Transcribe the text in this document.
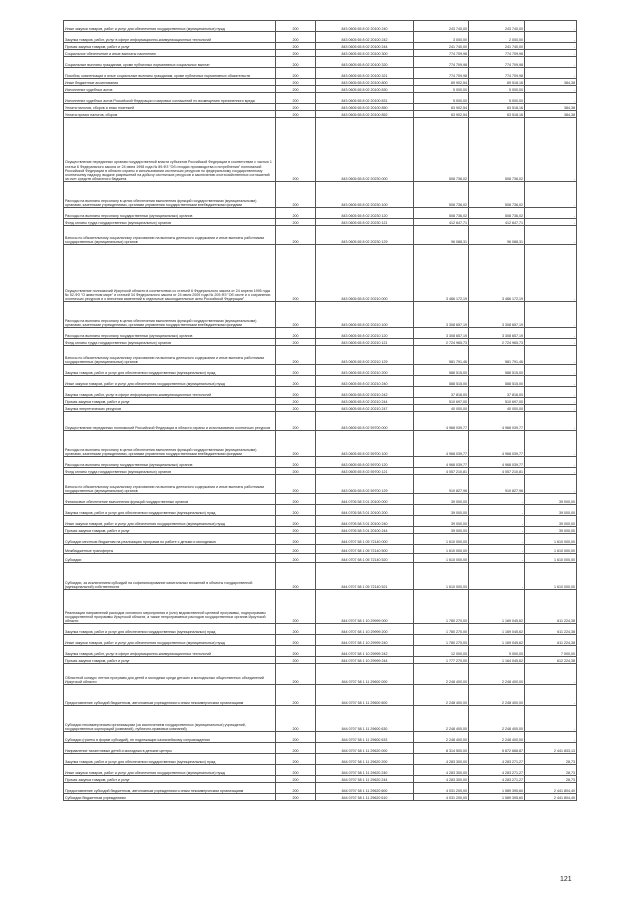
Иные закупки товаров, работ и услуг для обеспечения государственных (муниципальных) нужд	200	843 0605 65 8 02 20100 240	243 740,00	243 740,00	-
Закупка товаров, работ, услуг в сфере информационно-коммуникационных технологий	200	843 0605 65 8 02 20100 242	3 000,00	2 000,00	-
Прочая закупка товаров, работ и услуг	200	843 0605 65 8 02 20100 244	241 740,00	241 740,00	-
Социальное обеспечение и иные выплаты населению	200	843 0605 65 8 02 20100 300	774 709,98	774 709,98	-
Социальные выплаты гражданам, кроме публичных нормативных социальных выплат	200	843 0605 65 8 02 20100 320	774 709,98	774 709,98	-
Пособия, компенсации и иные социальные выплаты гражданам, кроме публичных нормативных обязательств	200	843 0605 65 8 02 20100 321	774 709,98	774 709,98	-
Иные бюджетные ассигнования	200	843 0605 65 8 02 20100 800	69 902,54	69 518,16	384,38
Исполнение судебных актов	200	843 0605 65 8 02 20100 830	5 000,00	5 000,00	-
Исполнение судебных актов Российской Федерации и мировых соглашений по возмещению причиненного вреда	200	843 0605 65 8 02 20100 831	5 000,00	5 000,00	-
Уплата налогов, сборов и иных платежей	200	843 0605 65 8 02 20100 850	63 902,54	63 518,16	384,38
Уплата прочих налогов, сборов	200	843 0605 65 8 02 20100 852	63 902,54	63 518,16	384,38
Осуществление переданных органам государственной власти субъектов Российской Федерации в соответствии с частью 1 статьи 6 Федерального закона от 24 июня 1998 года № 89-ФЗ "Об отходах производства и потребления" полномочий Российской Федерации в области охраны и использования охотничьих ресурсов по федеральному государственному охотничьему надзору, выдаче разрешений на добычу охотничьих ресурсов и заключению охотхозяйственных соглашений за счет средств областного бюджета	200	843 0605 65 8 02 20230 000	508 736,02	508 736,02	-
Расходы на выплаты персоналу в целях обеспечения выполнения функций государственными (муниципальными) органами, казенными учреждениями, органами управления государственными внебюджетными фондами	200	843 0605 65 8 02 20230 100	508 736,02	508 736,02	-
Расходы на выплаты персоналу государственных (муниципальных) органов	200	843 0605 65 8 02 20230 120	508 736,02	508 736,02	-
Фонд оплаты труда государственных (муниципальных) органов	200	843 0605 65 8 02 20230 121	412 647,71	412 647,71	-
Взносы по обязательному социальному страхованию на выплаты денежного содержания и иные выплаты работникам государственных (муниципальных) органов	200	843 0605 65 8 02 20230 129	96 088,31	96 088,31	-
Осуществление полномочий Иркутской области в соответствии со статьей 6 Федерального закона от 24 апреля 1995 года № 52-ФЗ "О животном мире" и статьей 34 Федерального закона от 24 июля 2009 года № 209-ФЗ "Об охоте и о сохранении охотничьих ресурсов и о внесении изменений в отдельные законодательные акты Российской Федерации"	200	843 0605 65 8 02 20210 000	3 466 172,19	3 466 172,19	-
Расходы на выплаты персоналу в целях обеспечения выполнения функций государственными (муниципальными) органами, казенными учреждениями, органами управления государственными внебюджетными фондами	200	843 0605 65 8 02 20210 100	3 308 657,19	3 308 657,19	-
Расходы на выплаты персоналу государственных (муниципальных) органов	200	843 0605 65 8 02 20210 120	3 308 657,19	3 308 657,19	-
Фонд оплаты труда государственных (муниципальных) органов	200	843 0605 65 8 02 20210 121	2 724 965,73	2 724 965,73	-
Взносы по обязательному социальному страхованию на выплаты денежного содержания и иные выплаты работникам государственных (муниципальных) органов	200	843 0605 65 8 02 20210 129	581 791,46	581 791,46	-
Закупка товаров, работ и услуг для обеспечения государственных (муниципальных) нужд	200	843 0605 65 8 02 20210 200	588 515,00	588 515,00	-
Иные закупки товаров, работ и услуг для обеспечения государственных (муниципальных) нужд	200	843 0605 65 8 02 20210 240	588 515,00	588 515,00	-
Закупка товаров, работ, услуг в сфере информационно-коммуникационных технологий	200	843 0605 65 8 02 20210 242	37 816,00	37 816,00	-
Прочая закупка товаров, работ и услуг	200	843 0605 65 8 02 20210 244	510 697,00	510 697,00	-
Закупка энергетических ресурсов	200	843 0605 65 8 02 20210 247	40 000,00	40 000,00	-
Осуществление переданных полномочий Российской Федерации в области охраны и использования охотничьих ресурсов	200	843 0605 65 8 02 59700 000	4 968 039,77	4 968 039,77	-
Расходы на выплаты персоналу в целях обеспечения выполнения функций государственными (муниципальными) органами, казенными учреждениями, органами управления государственными внебюджетными фондами	200	843 0605 65 8 02 59700 100	4 968 039,77	4 968 039,77	-
Расходы на выплаты персоналу государственных (муниципальных) органов	200	843 0605 65 8 02 59700 120	4 968 039,77	4 968 039,77	-
Фонд оплаты труда государственных (муниципальных) органов	200	843 0605 65 8 02 59700 121	4 057 210,81	4 057 210,81	-
Взносы по обязательному социальному страхованию на выплаты денежного содержания и иные выплаты работникам государственных (муниципальных) органов	200	843 0605 65 8 02 59700 129	910 827,96	910 827,96	-
Финансовое обеспечение выполнения функций государственных органов	200	844 0705 58 3 01 20100 000	39 000,00	-	39 000,00
Закупка товаров, работ и услуг для обеспечения государственных (муниципальных) нужд	200	844 0705 58 3 01 20100 200	39 000,00	-	39 000,00
Иные закупки товаров, работ и услуг для обеспечения государственных (муниципальных) нужд	200	844 0705 58 3 01 20100 240	39 000,00	-	39 000,00
Прочая закупка товаров, работ и услуг	200	844 0705 58 3 01 20100 244	39 000,00	-	39 000,00
Субсидии местным бюджетам на реализацию программ по работе с детьми и молодежью	200	844 0707 58 1 05 72140 000	1 610 000,00	-	1 610 000,00
Межбюджетные трансферты	200	844 0707 58 1 05 72140 500	1 610 000,00	-	1 610 000,00
Субсидии	200	844 0707 58 1 05 72140 520	1 610 000,00	-	1 610 000,00
Субсидии, за исключением субсидий на софинансирование капитальных вложений в объекты государственной (муниципальной) собственности	200	844 0707 58 1 05 72140 521	1 610 000,00	-	1 610 000,00
Реализация направлений расходов основного мероприятия и (или) ведомственной целевой программы, подпрограммы государственной программы Иркутской области, а также непрограммных расходов государственных органов Иркутской области	200	844 0707 58 1 10 29999 000	1 780 270,00	1 169 045,62	611 224,38
Закупка товаров, работ и услуг для обеспечения государственных (муниципальных) нужд	200	844 0707 58 1 10 29999 200	1 780 270,00	1 169 045,62	611 224,38
Иные закупки товаров, работ и услуг для обеспечения государственных (муниципальных) нужд	200	844 0707 58 1 10 29999 240	1 780 270,00	1 169 045,62	611 224,38
Закупка товаров, работ, услуг в сфере информационно-коммуникационных технологий	200	844 0707 58 1 10 29999 242	12 000,00	5 000,00	7 000,00
Прочая закупка товаров, работ и услуг	200	844 0707 58 1 10 29999 244	1 777 270,00	1 164 045,62	612 224,38
Областной конкурс летних программ для детей и молодежи среди детских и молодежных общественных объединений Иркутской области	200	844 0707 58 1 11 29600 000	2 248 400,00	2 248 400,00	-
Предоставление субсидий бюджетным, автономным учреждениям и иным некоммерческим организациям	200	844 0707 58 1 11 29600 600	2 248 400,00	2 248 400,00	-
Субсидии некоммерческим организациям (за исключением государственных (муниципальных) учреждений, государственных корпораций (компаний), публично-правовых компаний)	200	844 0707 58 1 11 29600 630	2 248 400,00	2 248 400,00	-
Субсидии (гранты в форме субсидий), не подлежащие казначейскому сопровождению	200	844 0707 58 1 11 29600 633	2 248 400,00	2 248 400,00	-
Направление талантливых детей и молодежи в детские центры	200	844 0707 58 1 11 29620 000	8 314 500,00	5 872 668,87	2 441 833,13
Закупка товаров, работ и услуг для обеспечения государственных (муниципальных) нужд	200	844 0707 58 1 11 29620 200	4 283 300,00	4 283 271,27	28,73
Иные закупки товаров, работ и услуг для обеспечения государственных (муниципальных) нужд	200	844 0707 58 1 11 29620 240	4 283 300,00	4 283 271,27	28,73
Прочая закупка товаров, работ и услуг	200	844 0707 58 1 11 29620 244	4 283 300,00	4 283 271,27	28,73
Предоставление субсидий бюджетным, автономным учреждениям и иным некоммерческим организациям	200	844 0707 58 1 11 29620 600	4 031 200,00	1 589 395,60	2 441 804,40
Субсидии бюджетным учреждениям	200	844 0707 58 1 11 29620 610	4 031 200,00	1 589 395,60	2 441 804,40
121
